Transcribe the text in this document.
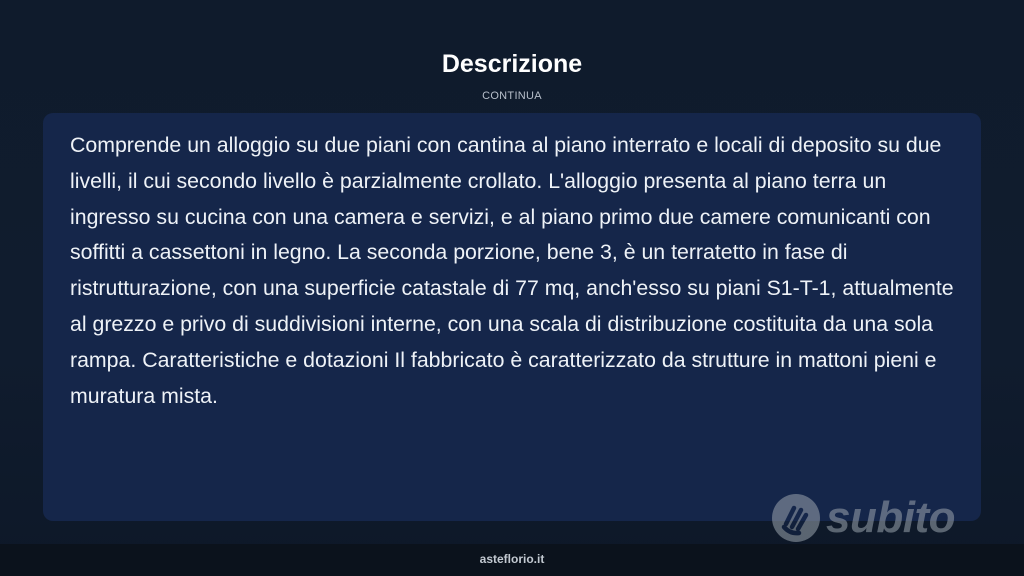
Descrizione
CONTINUA

Comprende un alloggio su due piani con cantina al piano interrato e locali di deposito su due livelli, il cui secondo livello è parzialmente crollato. L'alloggio presenta al piano terra un ingresso su cucina con una camera e servizi, e al piano primo due camere comunicanti con soffitti a cassettoni in legno. La seconda porzione, bene 3, è un terratetto in fase di ristrutturazione, con una superficie catastale di 77 mq, anch'esso su piani S1-T-1, attualmente al grezzo e privo di suddivisioni interne, con una scala di distribuzione costituita da una sola rampa. Caratteristiche e dotazioni Il fabbricato è caratterizzato da strutture in mattoni pieni e muratura mista.

subito
asteflorio.it
